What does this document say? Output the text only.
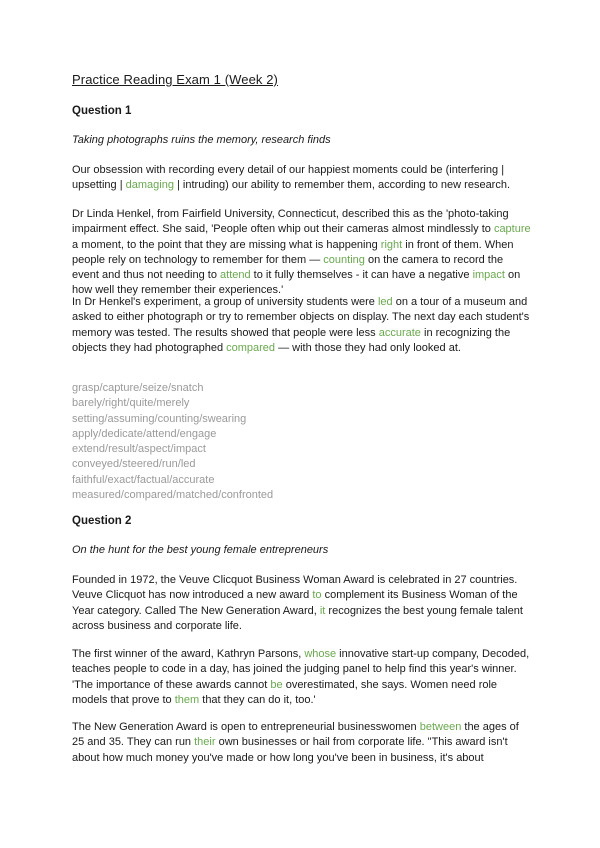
Practice Reading Exam 1 (Week 2)
Question 1
Taking photographs ruins the memory, research finds
Our obsession with recording every detail of our happiest moments could be (interfering | upsetting | damaging | intruding) our ability to remember them, according to new research.
Dr Linda Henkel, from Fairfield University, Connecticut, described this as the 'photo-taking impairment effect. She said, 'People often whip out their cameras almost mindlessly to capture a moment, to the point that they are missing what is happening right in front of them. When people rely on technology to remember for them — counting on the camera to record the event and thus not needing to attend to it fully themselves - it can have a negative impact on how well they remember their experiences.'
In Dr Henkel's experiment, a group of university students were led on a tour of a museum and asked to either photograph or try to remember objects on display. The next day each student's memory was tested. The results showed that people were less accurate in recognizing the objects they had photographed compared — with those they had only looked at.
grasp/capture/seize/snatch
barely/right/quite/merely
setting/assuming/counting/swearing
apply/dedicate/attend/engage
extend/result/aspect/impact
conveyed/steered/run/led
faithful/exact/factual/accurate
measured/compared/matched/confronted
Question 2
On the hunt for the best young female entrepreneurs
Founded in 1972, the Veuve Clicquot Business Woman Award is celebrated in 27 countries. Veuve Clicquot has now introduced a new award to complement its Business Woman of the Year category. Called The New Generation Award, it recognizes the best young female talent across business and corporate life.
The first winner of the award, Kathryn Parsons, whose innovative start-up company, Decoded, teaches people to code in a day, has joined the judging panel to help find this year's winner. 'The importance of these awards cannot be overestimated, she says. Women need role models that prove to them that they can do it, too.'
The New Generation Award is open to entrepreneurial businesswomen between the ages of 25 and 35. They can run their own businesses or hail from corporate life. "This award isn't about how much money you've made or how long you've been in business, it's about
